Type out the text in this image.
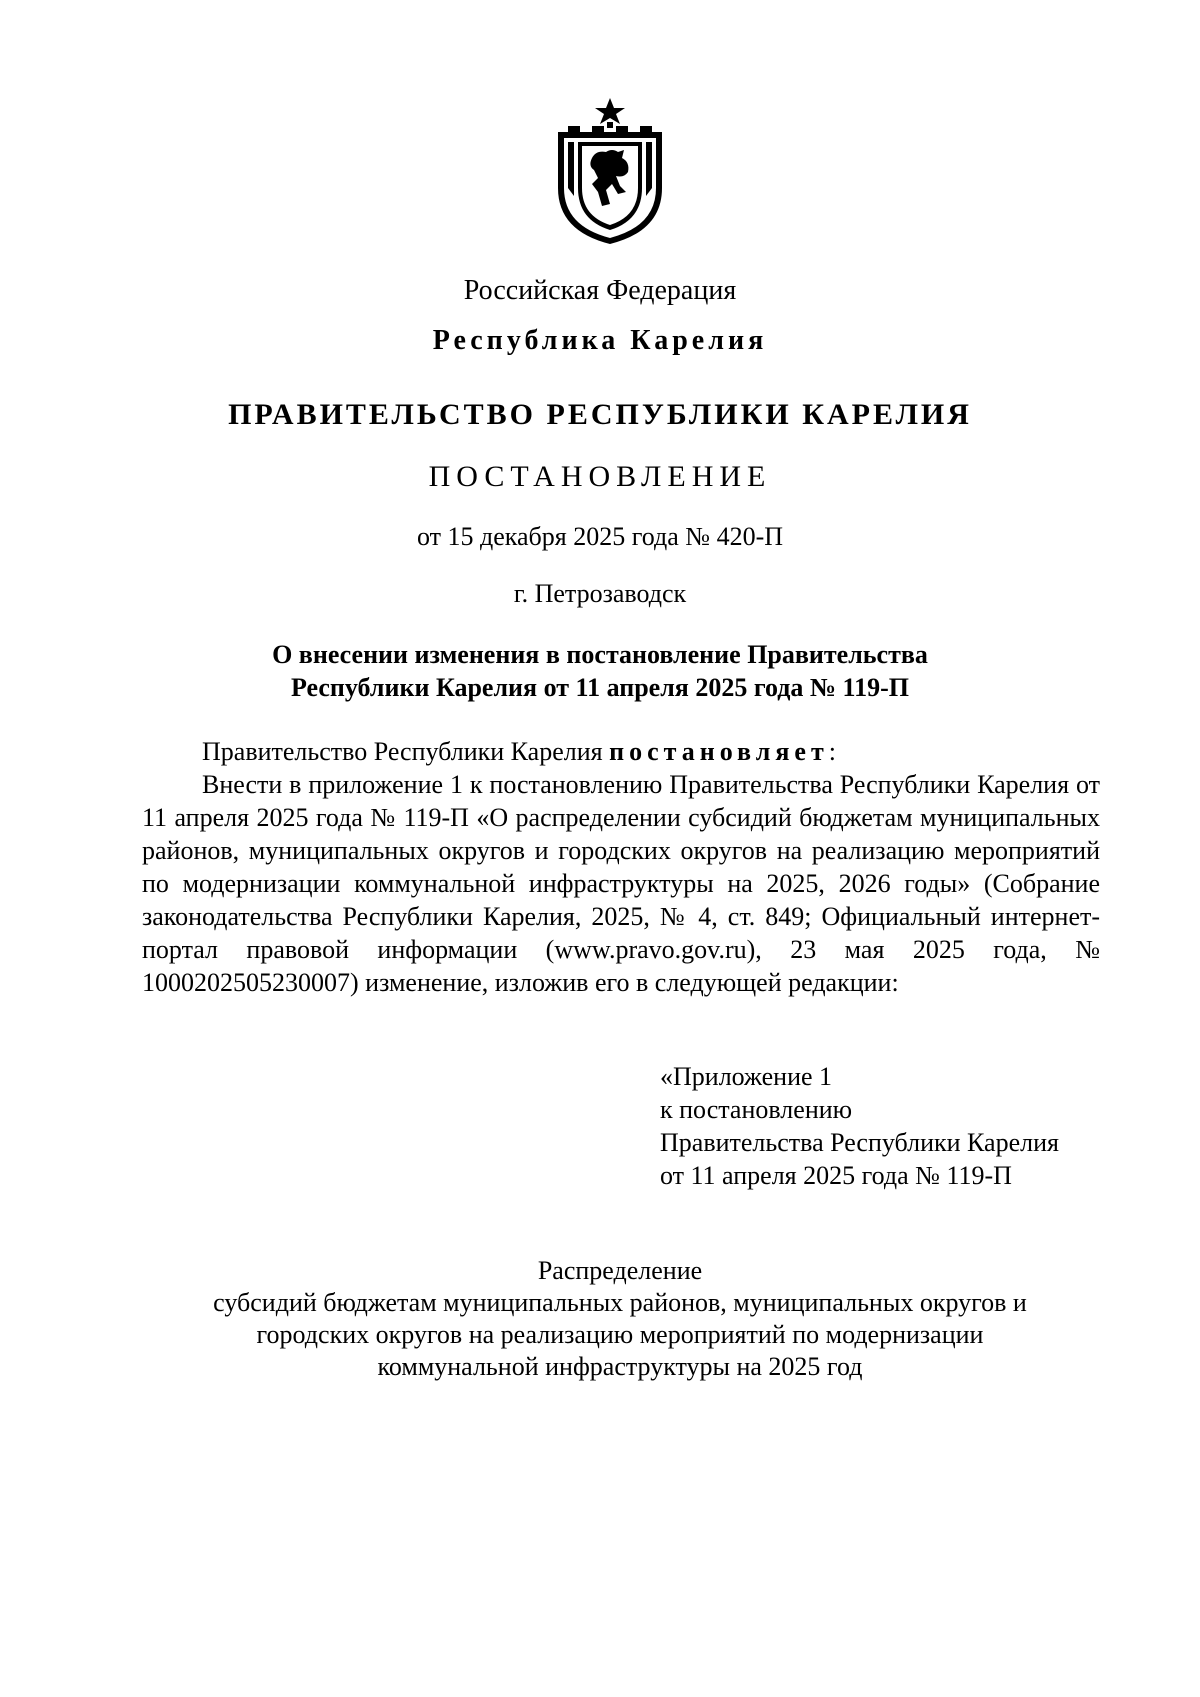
Российская Федерация
Республика Карелия
ПРАВИТЕЛЬСТВО РЕСПУБЛИКИ КАРЕЛИЯ
ПОСТАНОВЛЕНИЕ
от 15 декабря 2025 года № 420-П
г. Петрозаводск
О внесении изменения в постановление Правительства
Республики Карелия от 11 апреля 2025 года № 119-П

Правительство Республики Карелия постановляет:

Внести в приложение 1 к постановлению Правительства Республики Карелия от 11 апреля 2025 года № 119-П «О распределении субсидий бюджетам муниципальных районов, муниципальных округов и городских округов на реализацию мероприятий по модернизации коммунальной инфраструктуры на 2025, 2026 годы» (Собрание законодательства Республики Карелия, 2025, № 4, ст. 849; Официальный интернет-портал правовой информации (www.pravo.gov.ru), 23 мая 2025 года, № 1000202505230007) изменение, изложив его в следующей редакции:

«Приложение 1
к постановлению
Правительства Республики Карелия
от 11 апреля 2025 года № 119-П
Распределение
субсидий бюджетам муниципальных районов, муниципальных округов и
городских округов на реализацию мероприятий по модернизации
коммунальной инфраструктуры на 2025 год
